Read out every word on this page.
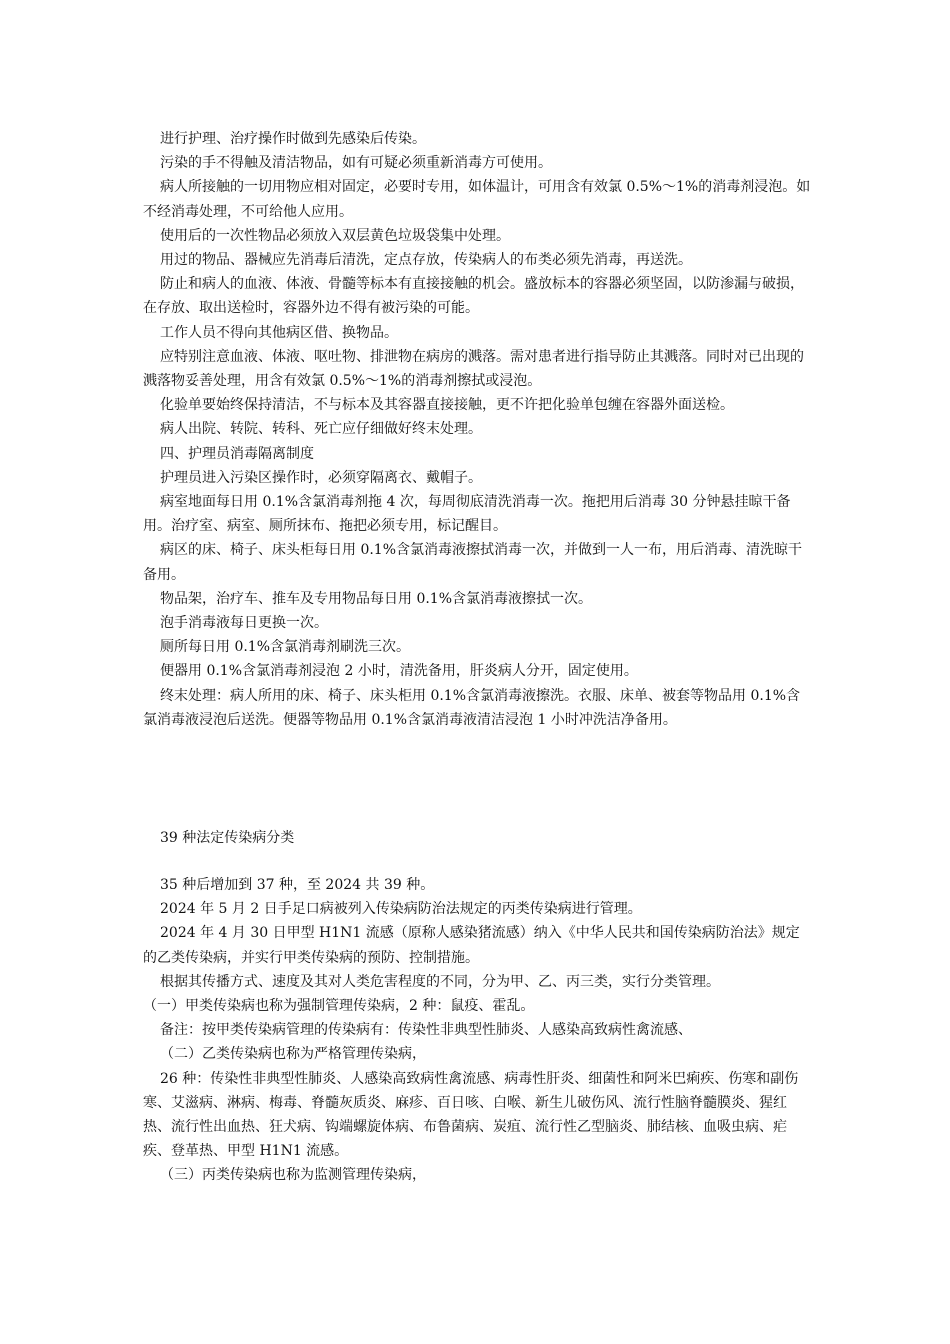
进行护理、治疗操作时做到先感染后传染。

污染的手不得触及清洁物品，如有可疑必须重新消毒方可使用。

病人所接触的一切用物应相对固定，必要时专用，如体温计，可用含有效氯 0.5%～1%的消毒剂浸泡。如不经消毒处理，不可给他人应用。

使用后的一次性物品必须放入双层黄色垃圾袋集中处理。

用过的物品、器械应先消毒后清洗，定点存放，传染病人的布类必须先消毒，再送洗。

防止和病人的血液、体液、骨髓等标本有直接接触的机会。盛放标本的容器必须坚固，以防渗漏与破损，在存放、取出送检时，容器外边不得有被污染的可能。

工作人员不得向其他病区借、换物品。

应特别注意血液、体液、呕吐物、排泄物在病房的溅落。需对患者进行指导防止其溅落。同时对已出现的溅落物妥善处理，用含有效氯 0.5%～1%的消毒剂擦拭或浸泡。

化验单要始终保持清洁，不与标本及其容器直接接触，更不许把化验单包缠在容器外面送检。

病人出院、转院、转科、死亡应仔细做好终末处理。

四、护理员消毒隔离制度

护理员进入污染区操作时，必须穿隔离衣、戴帽子。

病室地面每日用 0.1%含氯消毒剂拖 4 次，每周彻底清洗消毒一次。拖把用后消毒 30 分钟悬挂晾干备用。治疗室、病室、厕所抹布、拖把必须专用，标记醒目。

病区的床、椅子、床头柜每日用 0.1%含氯消毒液擦拭消毒一次，并做到一人一布，用后消毒、清洗晾干备用。

物品架，治疗车、推车及专用物品每日用 0.1%含氯消毒液擦拭一次。

泡手消毒液每日更换一次。

厕所每日用 0.1%含氯消毒剂刷洗三次。

便器用 0.1%含氯消毒剂浸泡 2 小时，清洗备用，肝炎病人分开，固定使用。

终末处理：病人所用的床、椅子、床头柜用 0.1%含氯消毒液擦洗。衣服、床单、被套等物品用 0.1%含氯消毒液浸泡后送洗。便器等物品用 0.1%含氯消毒液清洁浸泡 1 小时冲洗洁净备用。

39 种法定传染病分类

35 种后增加到 37 种，至 2024 共 39 种。

2024 年 5 月 2 日手足口病被列入传染病防治法规定的丙类传染病进行管理。

2024 年 4 月 30 日甲型 H1N1 流感（原称人感染猪流感）纳入《中华人民共和国传染病防治法》规定的乙类传染病，并实行甲类传染病的预防、控制措施。

根据其传播方式、速度及其对人类危害程度的不同，分为甲、乙、丙三类，实行分类管理。

（一）甲类传染病也称为强制管理传染病，2 种：鼠疫、霍乱。

备注：按甲类传染病管理的传染病有：传染性非典型性肺炎、人感染高致病性禽流感、

（二）乙类传染病也称为严格管理传染病，

26 种：传染性非典型性肺炎、人感染高致病性禽流感、病毒性肝炎、细菌性和阿米巴痢疾、伤寒和副伤寒、艾滋病、淋病、梅毒、脊髓灰质炎、麻疹、百日咳、白喉、新生儿破伤风、流行性脑脊髓膜炎、猩红热、流行性出血热、狂犬病、钩端螺旋体病、布鲁菌病、炭疽、流行性乙型脑炎、肺结核、血吸虫病、疟疾、登革热、甲型 H1N1 流感。

（三）丙类传染病也称为监测管理传染病，
